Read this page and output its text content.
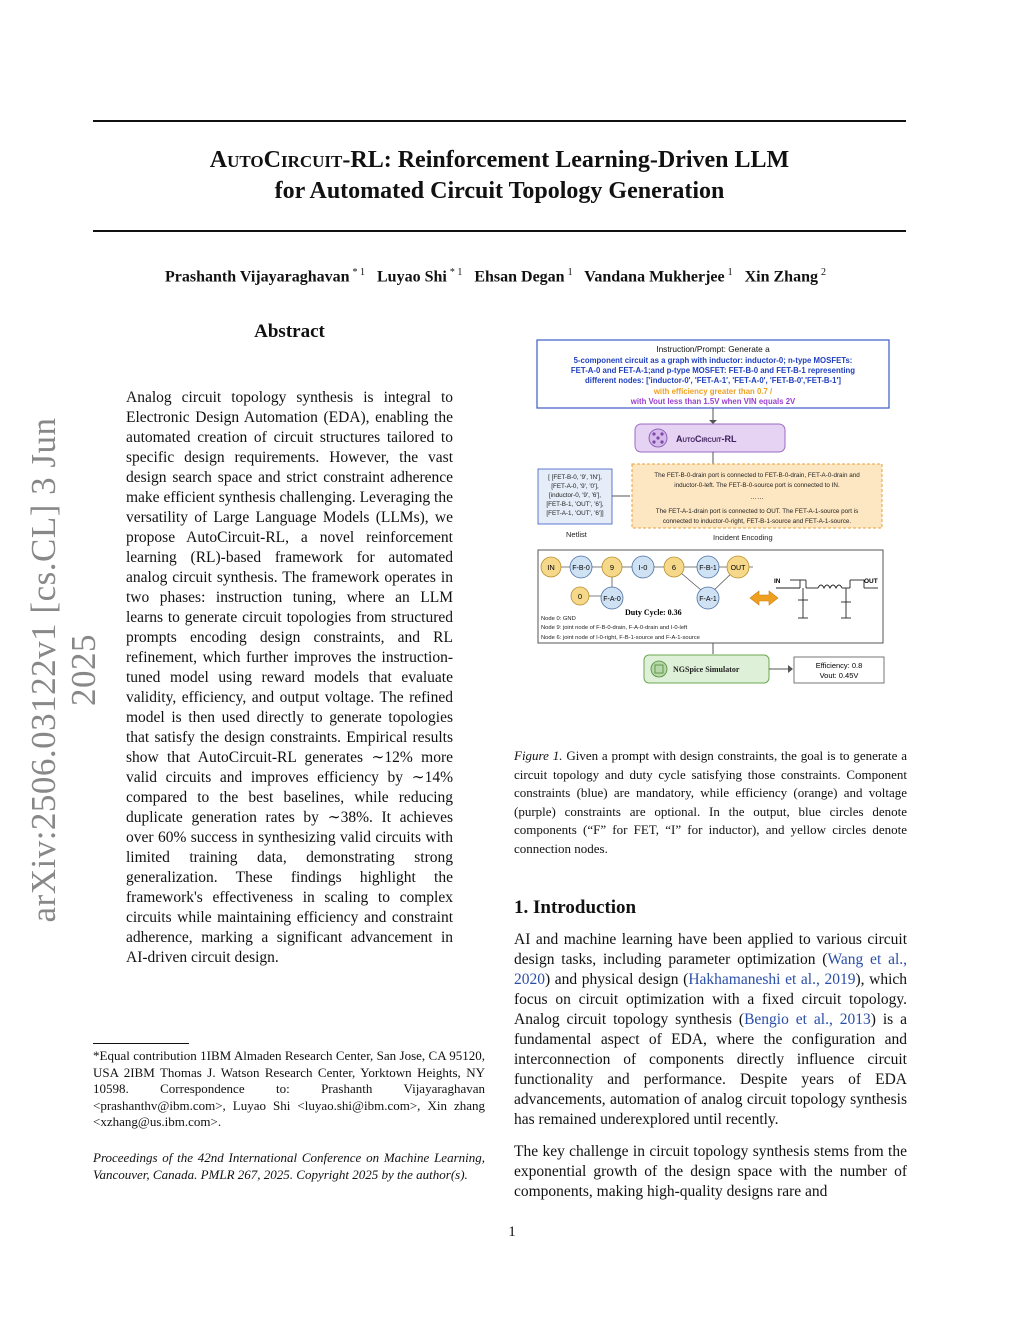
arXiv:2506.03122v1 [cs.CL] 3 Jun 2025
AutoCircuit-RL: Reinforcement Learning-Driven LLM
for Automated Circuit Topology Generation
Prashanth Vijayaraghavan $^{* 1}$ Luyao Shi $^{* 1}$ Ehsan Degan $^1$ Vandana Mukherjee $^1$ Xin Zhang $^2$
Abstract
Analog circuit topology synthesis is integral to Electronic Design Automation (EDA), enabling the automated creation of circuit structures tailored to specific design requirements. However, the vast design search space and strict constraint adherence make efficient synthesis challenging. Leveraging the versatility of Large Language Models (LLMs), we propose AutoCircuit-RL, a novel reinforcement learning (RL)-based framework for automated analog circuit synthesis. The framework operates in two phases: instruction tuning, where an LLM learns to generate circuit topologies from structured prompts encoding design constraints, and RL refinement, which further improves the instruction-tuned model using reward models that evaluate validity, efficiency, and output voltage. The refined model is then used directly to generate topologies that satisfy the design constraints. Empirical results show that AutoCircuit-RL generates ∼12% more valid circuits and improves efficiency by ∼14% compared to the best baselines, while reducing duplicate generation rates by ∼38%. It achieves over 60% success in synthesizing valid circuits with limited training data, demonstrating strong generalization. These findings highlight the framework's effectiveness in scaling to complex circuits while maintaining efficiency and constraint adherence, marking a significant advancement in AI-driven circuit design.
*Equal contribution 1IBM Almaden Research Center, San Jose, CA 95120, USA 2IBM Thomas J. Watson Research Center, Yorktown Heights, NY 10598. Correspondence to: Prashanth Vijayaraghavan <prashanthv@ibm.com>, Luyao Shi <luyao.shi@ibm.com>, Xin zhang <xzhang@us.ibm.com>.
Proceedings of the 42nd International Conference on Machine Learning, Vancouver, Canada. PMLR 267, 2025. Copyright 2025 by the author(s).
Instruction/Prompt: Generate a
5-component circuit as a graph with inductor: inductor-0; n-type MOSFETs:
FET-A-0 and FET-A-1;and p-type MOSFET: FET-B-0 and FET-B-1 representing
different nodes: ['inductor-0', 'FET-A-1', 'FET-A-0', 'FET-B-0','FET-B-1']
with efficiency greater than 0.7 /
with Vout less than 1.5V when VIN equals 2V
AutoCircuit-RL
[ [FET-B-0, '9', 'IN'],
[FET-A-0, '9', '0'],
[inductor-0, '9', '6'],
[FET-B-1, 'OUT', '6'],
[FET-A-1, 'OUT', '6']]
Netlist
The FET-B-0-drain port is connected to FET-B-0-drain, FET-A-0-drain and
inductor-0-left. The FET-B-0-source port is connected to IN.
……
The FET-A-1-drain port is connected to OUT. The FET-A-1-source port is
connected to inductor-0-right, FET-B-1-source and FET-A-1-source.
Incident Encoding
IN	F-B-0	9	I-0	6	F-B-1 OUT
0	F-A-0	F-A-1
Duty Cycle: 0.36
Node 0: GND
Node 9: joint node of F-B-0-drain, F-A-0-drain and I-0-left
Node 6: joint node of I-0-right, F-B-1-source and F-A-1-source
IN	OUT
NGSpice Simulator	Efficiency: 0.8
Vout: 0.45V
Figure 1. Given a prompt with design constraints, the goal is to generate a circuit topology and duty cycle satisfying those constraints. Component constraints (blue) are mandatory, while efficiency (orange) and voltage (purple) constraints are optional. In the output, blue circles denote components (“F” for FET, “I” for inductor), and yellow circles denote connection nodes.
1. Introduction
AI and machine learning have been applied to various circuit design tasks, including parameter optimization (Wang et al., 2020) and physical design (Hakhamaneshi et al., 2019), which focus on circuit optimization with a fixed circuit topology. Analog circuit topology synthesis (Bengio et al., 2013) is a fundamental aspect of EDA, where the configuration and interconnection of components directly influence circuit functionality and performance. Despite years of EDA advancements, automation of analog circuit topology synthesis has remained underexplored until recently.
The key challenge in circuit topology synthesis stems from the exponential growth of the design space with the number of components, making high-quality designs rare and
1
